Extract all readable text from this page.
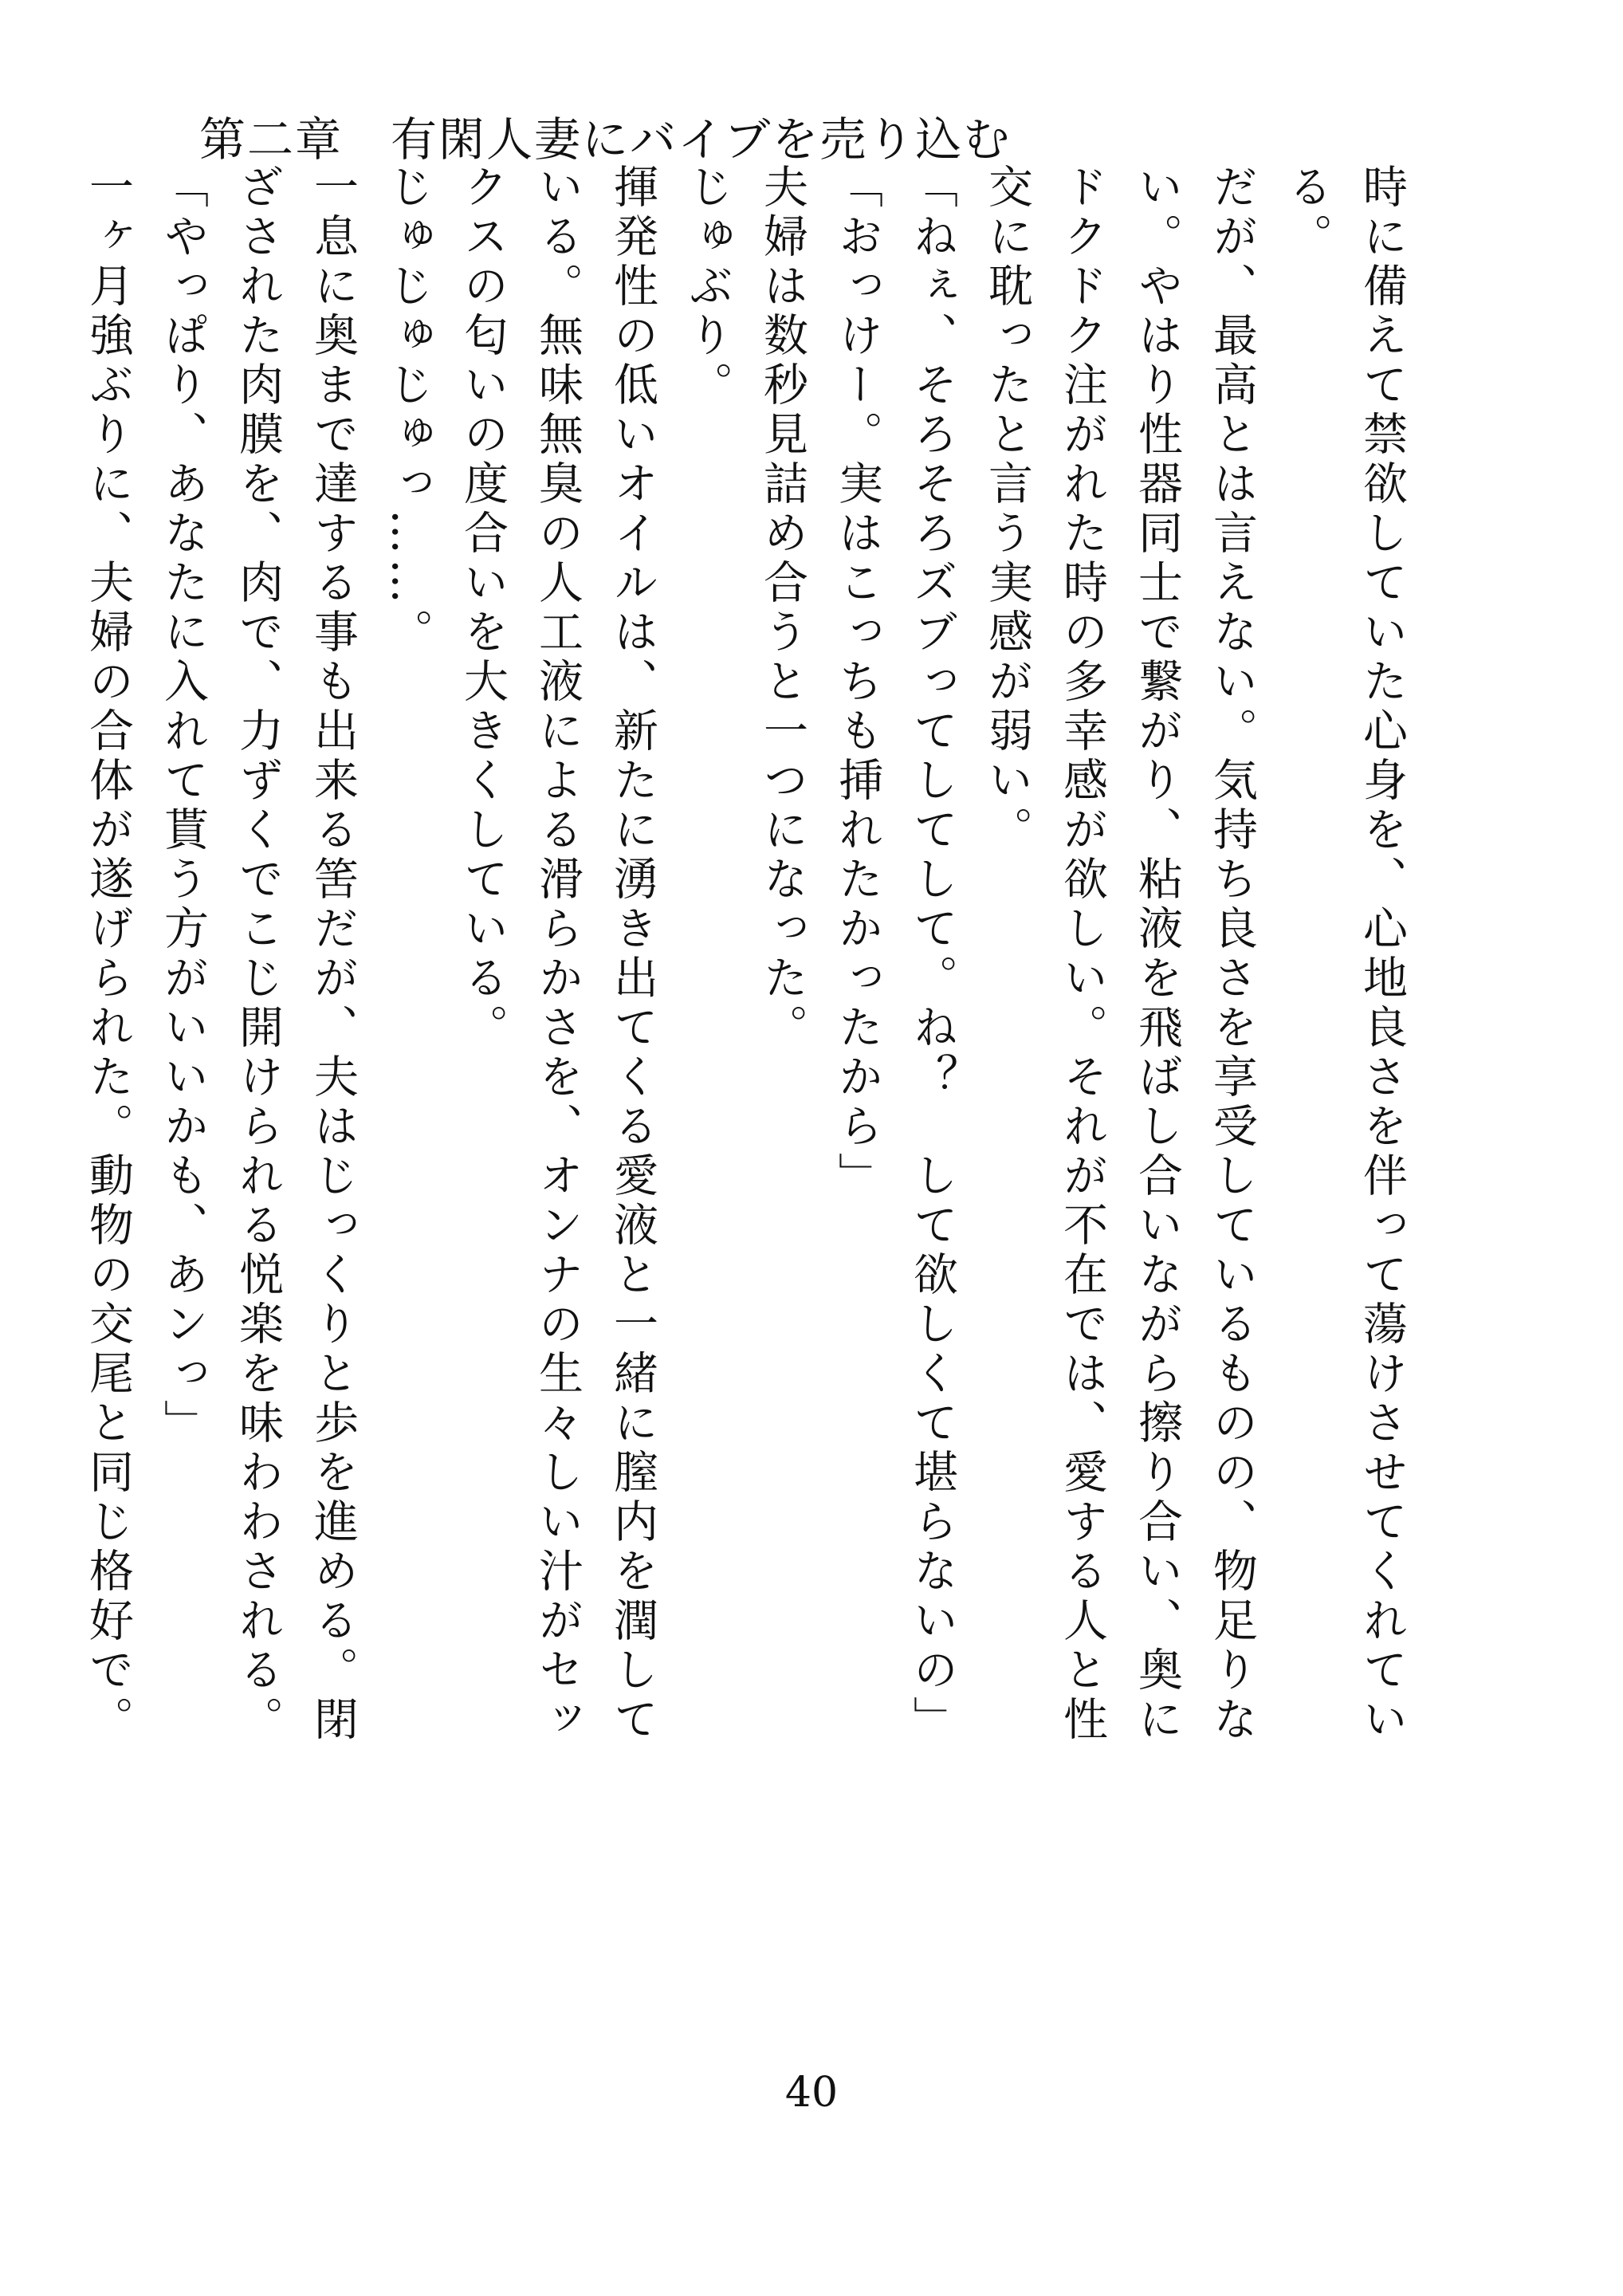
第二章　有閑人妻にバイブを売り込む

時に備えて禁欲していた心身を、心地良さを伴って蕩けさせてくれている。

だが、最高とは言えない。気持ち良さを享受しているものの、物足りない。やはり性器同士で繋がり、粘液を飛ばし合いながら擦り合い、奥にドクドク注がれた時の多幸感が欲しい。それが不在では、愛する人と性交に耽ったと言う実感が弱い。

「ねぇ、そろそろズブってしてして。ね？　して欲しくて堪らないの」

「おっけー。実はこっちも挿れたかったから」

夫婦は数秒見詰め合うと一つになった。

じゅぶり。

揮発性の低いオイルは、新たに湧き出てくる愛液と一緒に膣内を潤している。無味無臭の人工液による滑らかさを、オンナの生々しい汁がセックスの匂いの度合いを大きくしている。

じゅじゅじゅっ……。

一息に奥まで達する事も出来る筈だが、夫はじっくりと歩を進める。閉ざされた肉膜を、肉で、力ずくでこじ開けられる悦楽を味わわされる。

「やっぱり、あなたに入れて貰う方がいいかも、あンっ」

一ヶ月強ぶりに、夫婦の合体が遂げられた。動物の交尾と同じ格好で。

40
